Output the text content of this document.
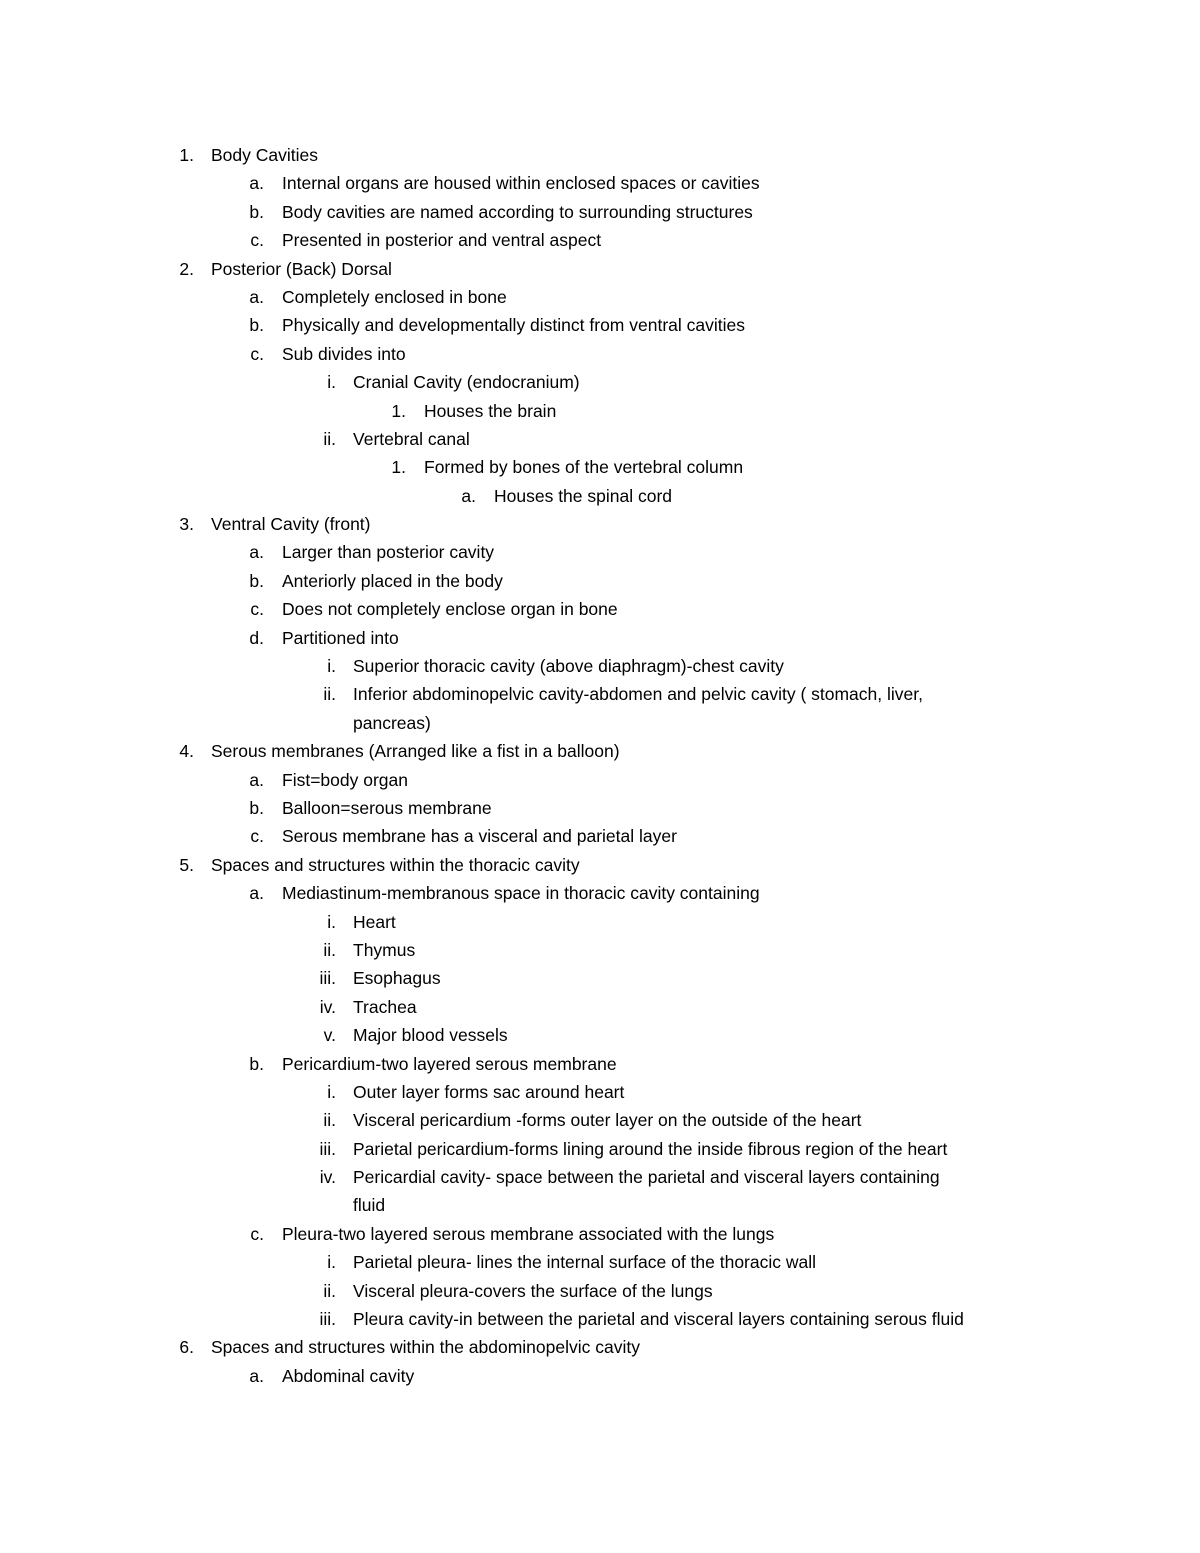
1. Body Cavities
a. Internal organs are housed within enclosed spaces or cavities
b. Body cavities are named according to surrounding structures
c. Presented in posterior and ventral aspect
2. Posterior (Back) Dorsal
a. Completely enclosed in bone
b. Physically and developmentally distinct from ventral cavities
c. Sub divides into
i. Cranial Cavity (endocranium)
1. Houses the brain
ii. Vertebral canal
1. Formed by bones of the vertebral column
a. Houses the spinal cord
3. Ventral Cavity (front)
a. Larger than posterior cavity
b. Anteriorly placed in the body
c. Does not completely enclose organ in bone
d. Partitioned into
i. Superior thoracic cavity (above diaphragm)-chest cavity
ii. Inferior abdominopelvic cavity-abdomen and pelvic cavity ( stomach, liver,
pancreas)
4. Serous membranes (Arranged like a fist in a balloon)
a. Fist=body organ
b. Balloon=serous membrane
c. Serous membrane has a visceral and parietal layer
5. Spaces and structures within the thoracic cavity
a. Mediastinum-membranous space in thoracic cavity containing
i. Heart
ii. Thymus
iii. Esophagus
iv. Trachea
v. Major blood vessels
b. Pericardium-two layered serous membrane
i. Outer layer forms sac around heart
ii. Visceral pericardium -forms outer layer on the outside of the heart
iii. Parietal pericardium-forms lining around the inside fibrous region of the heart
iv. Pericardial cavity- space between the parietal and visceral layers containing
fluid
c. Pleura-two layered serous membrane associated with the lungs
i. Parietal pleura- lines the internal surface of the thoracic wall
ii. Visceral pleura-covers the surface of the lungs
iii. Pleura cavity-in between the parietal and visceral layers containing serous fluid
6. Spaces and structures within the abdominopelvic cavity
a. Abdominal cavity
